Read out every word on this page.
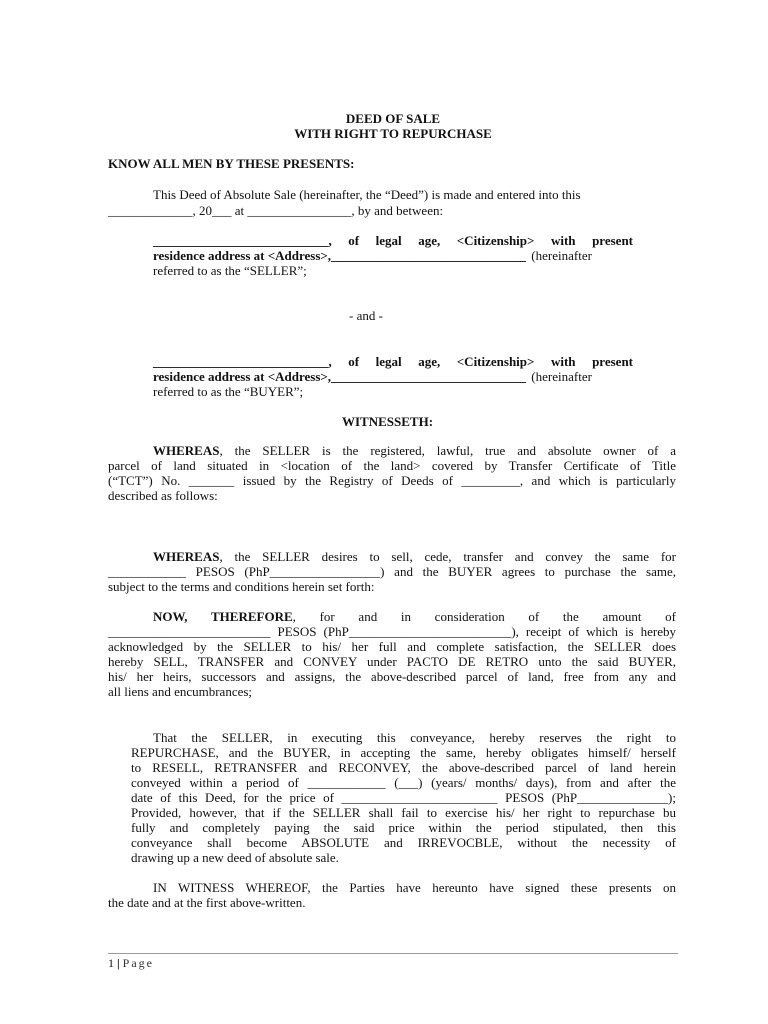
DEED OF SALE
WITH RIGHT TO REPURCHASE
KNOW ALL MEN BY THESE PRESENTS:
This Deed of Absolute Sale (hereinafter, the “Deed”) is made and entered into this
_____________, 20___ at ________________, by and between:
___________________________, of legal age, <Citizenship> with present
residence address at <Address>,______________________________ (hereinafter
referred to as the “SELLER”;
- and -
___________________________, of legal age, <Citizenship> with present
residence address at <Address>,______________________________ (hereinafter
referred to as the “BUYER”;
WITNESSETH:
WHEREAS, the SELLER is the registered, lawful, true and absolute owner of a
parcel of land situated in <location of the land> covered by Transfer Certificate of Title
(“TCT”) No. _______ issued by the Registry of Deeds of _________, and which is particularly
described as follows:
WHEREAS, the SELLER desires to sell, cede, transfer and convey the same for
____________ PESOS (PhP_________________) and the BUYER agrees to purchase the same,
subject to the terms and conditions herein set forth:
NOW, THEREFORE, for and in consideration of the amount of
_________________________ PESOS (PhP_________________________), receipt of which is hereby
acknowledged by the SELLER to his/ her full and complete satisfaction, the SELLER does
hereby SELL, TRANSFER and CONVEY under PACTO DE RETRO unto the said BUYER,
his/ her heirs, successors and assigns, the above-described parcel of land, free from any and
all liens and encumbrances;
That the SELLER, in executing this conveyance, hereby reserves the right to
REPURCHASE, and the BUYER, in accepting the same, hereby obligates himself/ herself
to RESELL, RETRANSFER and RECONVEY, the above-described parcel of land herein
conveyed within a period of ____________ (___) (years/ months/ days), from and after the
date of this Deed, for the price of ________________________ PESOS (PhP______________);
Provided, however, that if the SELLER shall fail to exercise his/ her right to repurchase bu
fully and completely paying the said price within the period stipulated, then this
conveyance shall become ABSOLUTE and IRREVOCBLE, without the necessity of
drawing up a new deed of absolute sale.
IN WITNESS WHEREOF, the Parties have hereunto have signed these presents on
the date and at the first above-written.
1 | Page
